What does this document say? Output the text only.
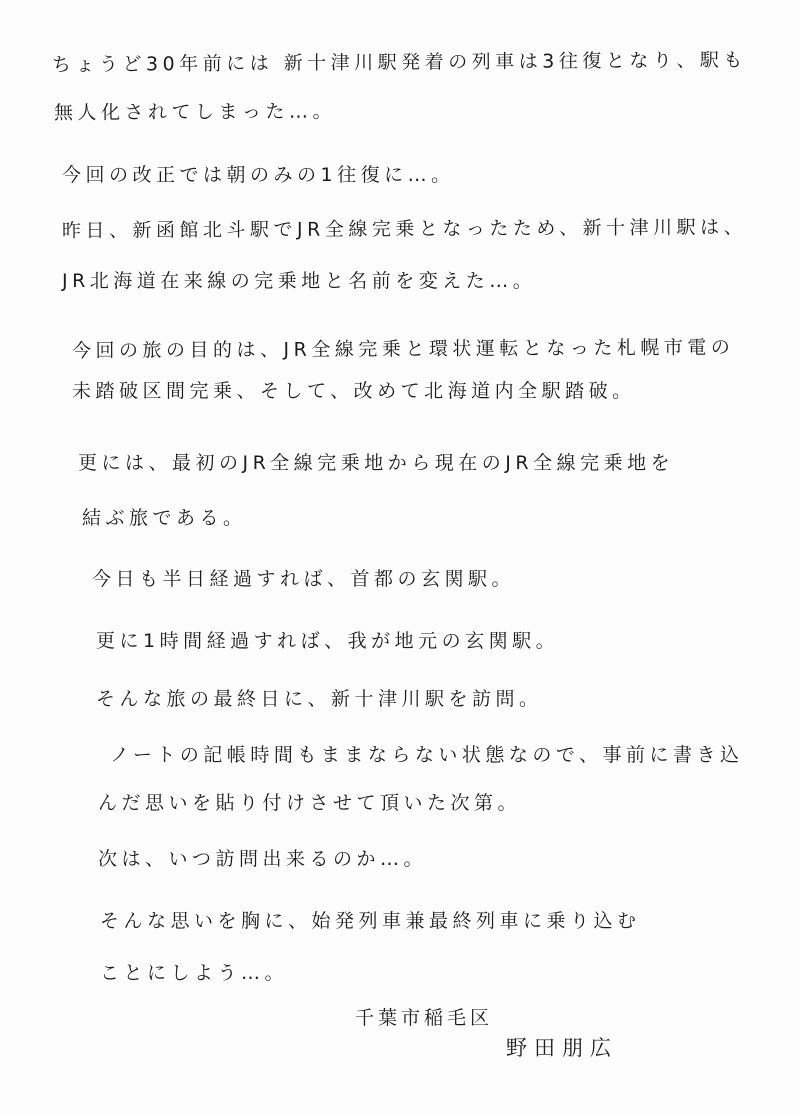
ちょうど30年前には 新十津川駅発着の列車は3往復となり、駅も

無人化されてしまった…。

今回の改正では朝のみの1往復に…。

昨日、新函館北斗駅でJR全線完乗となったため、新十津川駅は、

JR北海道在来線の完乗地と名前を変えた…。

今回の旅の目的は、JR全線完乗と環状運転となった札幌市電の

未踏破区間完乗、そして、改めて北海道内全駅踏破。

更には、最初のJR全線完乗地から現在のJR全線完乗地を

結ぶ旅である。

今日も半日経過すれば、首都の玄関駅。

更に1時間経過すれば、我が地元の玄関駅。

そんな旅の最終日に、新十津川駅を訪問。

ノートの記帳時間もままならない状態なので、事前に書き込

んだ思いを貼り付けさせて頂いた次第。

次は、いつ訪問出来るのか…。

そんな思いを胸に、始発列車兼最終列車に乗り込む

ことにしよう…。

千葉市稲毛区

野田朋広
